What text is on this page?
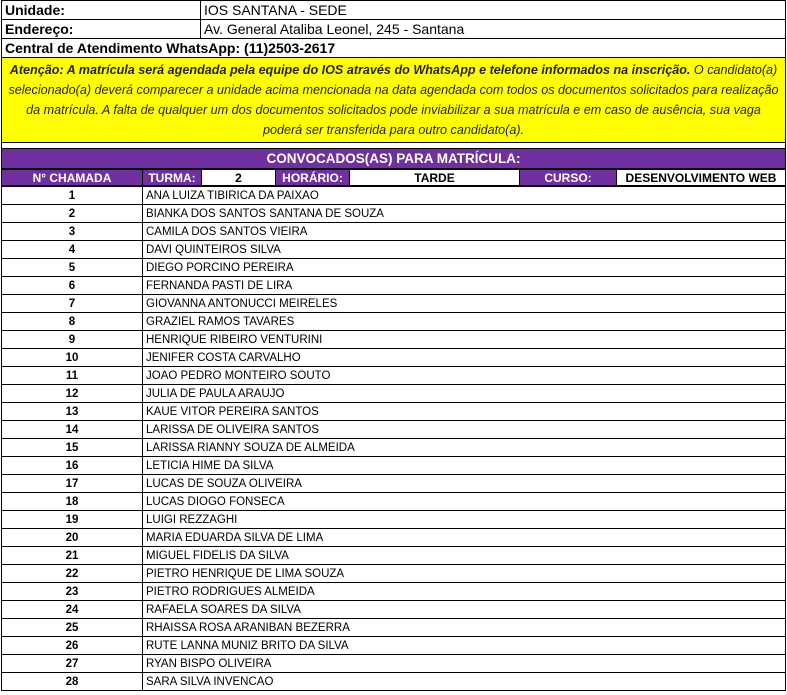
Unidade:	IOS SANTANA - SEDE
Endereço:	Av. General Ataliba Leonel, 245 - Santana
Central de Atendimento WhatsApp: (11)2503-2617	
Atenção: A matrícula será agendada pela equipe do IOS através do WhatsApp e telefone informados na inscrição. O candidato(a) selecionado(a) deverá comparecer a unidade acima mencionada na data agendada com todos os documentos solicitados para realização da matrícula. A falta de qualquer um dos documentos solicitados pode inviabilizar a sua matrícula e em caso de ausência, sua vaga poderá ser transferida para outro candidato(a).
CONVOCADOS(AS) PARA MATRÍCULA:
N° CHAMADA	TURMA:	2	HORÁRIO:	TARDE	CURSO:	DESENVOLVIMENTO WEB
1	ANA LUIZA TIBIRICA DA PAIXAO
2	BIANKA DOS SANTOS SANTANA DE SOUZA
3	CAMILA DOS SANTOS VIEIRA
4	DAVI QUINTEIROS SILVA
5	DIEGO PORCINO PEREIRA
6	FERNANDA PASTI DE LIRA
7	GIOVANNA ANTONUCCI MEIRELES
8	GRAZIEL RAMOS TAVARES
9	HENRIQUE RIBEIRO VENTURINI
10	JENIFER COSTA CARVALHO
11	JOAO PEDRO MONTEIRO SOUTO
12	JULIA DE PAULA ARAUJO
13	KAUE VITOR PEREIRA SANTOS
14	LARISSA DE OLIVEIRA SANTOS
15	LARISSA RIANNY SOUZA DE ALMEIDA
16	LETICIA HIME DA SILVA
17	LUCAS DE SOUZA OLIVEIRA
18	LUCAS DIOGO FONSECA
19	LUIGI REZZAGHI
20	MARIA EDUARDA SILVA DE LIMA
21	MIGUEL FIDELIS DA SILVA
22	PIETRO HENRIQUE DE LIMA SOUZA
23	PIETRO RODRIGUES ALMEIDA
24	RAFAELA SOARES DA SILVA
25	RHAISSA ROSA ARANIBAN BEZERRA
26	RUTE LANNA MUNIZ BRITO DA SILVA
27	RYAN BISPO OLIVEIRA
28	SARA SILVA INVENCAO
